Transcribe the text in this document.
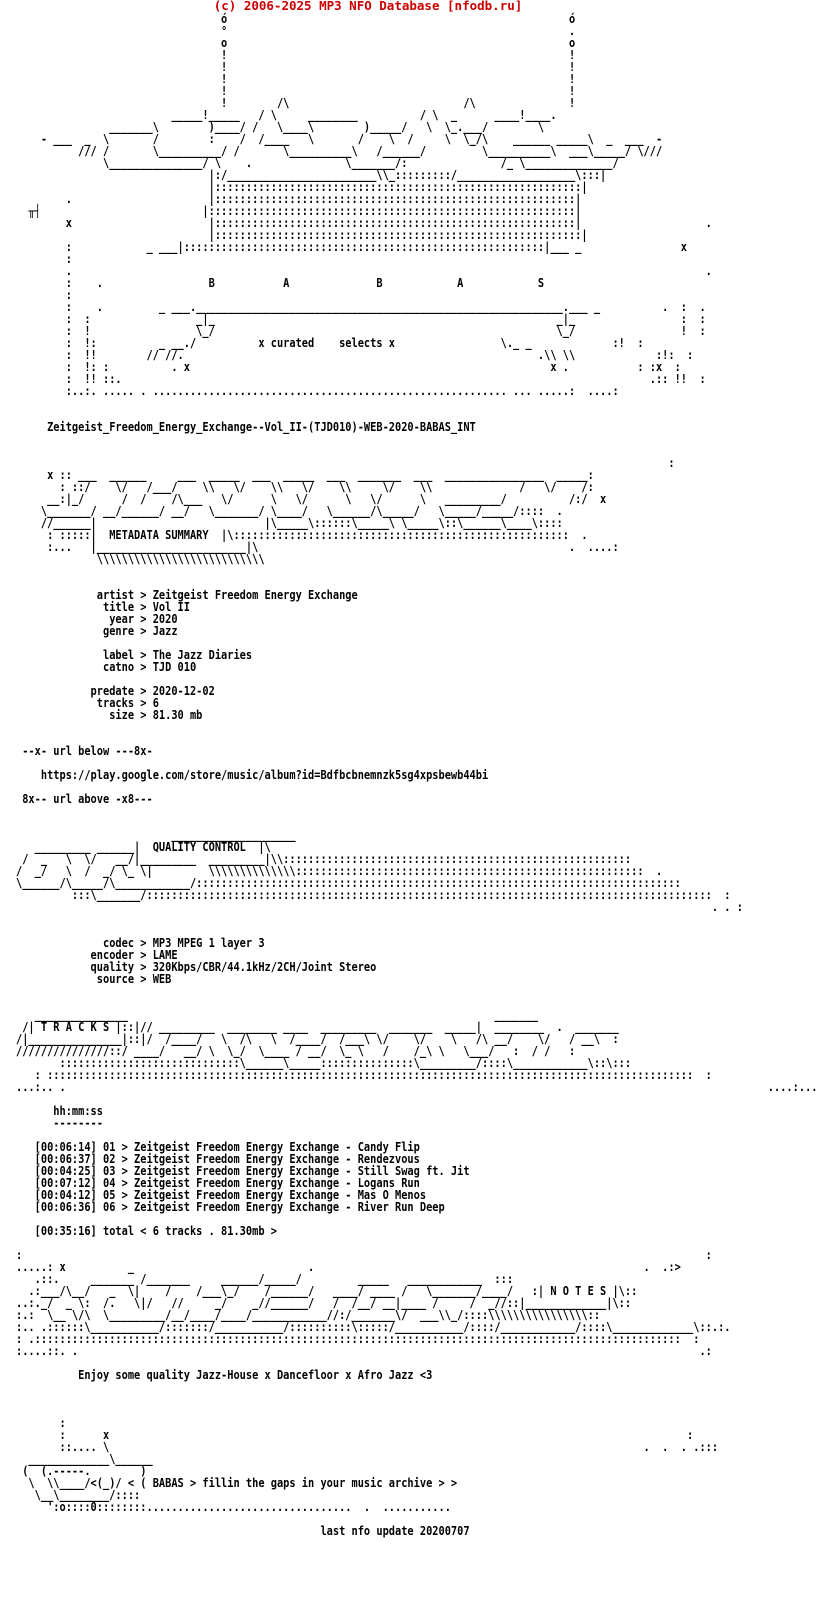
(c) 2006-2025 MP3 NFO Database [nfodb.ru]
ó                                                       ó
°                                                       .
o                                                       o
!                                                       !
!                                                       !
!                                                       !
!                                                       !
!        /\                            /\               !
_____!_____   / \     ________          / \  _      ____!____.
_______\        )____/ /   \____\        )_____/   \  \_.___/        \
- ___  _  \       /        :    /  /____   \       /    \  /     \  \_/\    ______ _____\  _  ___  -
/// /       \__________/ /       \__________\   /______/         \__________\  ___\_____/ \///
\_______________/ \    .               \_______/:               /_ \______________/
|:/________________________\\_:::::::::/___________________\:::|
|:::::::::::::::::::::::::::::::::::::::::::::::::::::::::::|
.                      |::::::::::::::::::::::::::::::::::::::::::::::::::::::::::|
╥┤                          |:::::::::::::::::::::::::::::::::::::::::::::::::::::::::::|
x                      |::::::::::::::::::::::::::::::::::::::::::::::::::::::::::|                    .
|:::::::::::::::::::::::::::::::::::::::::::::::::::::::::::|
:            _ ___|::::::::::::::::::::::::::::::::::::::::::::::::::::::::::|___ _                x
:
.                                                                                                      .
:    .                 B           A              B            A            S
:
:    .         _ ___.___________________________________________________________.___ _          .  :  .
:  :                 _|_                                                       _|_                 :  :
:  !                 \_/                                                       \_/                 !  :
:  !:          _ __./          x curated    selects x                 \._ _             :!  :
:  !!        // //.                                                         .\\ \\             :!:  :
:  !: :          . x                                                          x .           : :x  :
:  !! ::.                                                                                     .:: !!  :
:..:. ..... . ......................................................... ... .....:  ....:

Zeitgeist_Freedom_Energy_Exchange--Vol_II-(TJD010)-WEB-2020-BABAS_INT

:
x :: ___  ______     ___  _____  ___  _____  ___  _______  ___  ________________  _____:
: ::/    \/   /___/    \\   \/    \\   \/    \\     \/    \\              /   \/    /:
__:|_/      /  /    /\___   \/      \   \/      \   \/      \   _________/          /:/  x
\_______/ __/______/ __/   \_______/ \____/   \______/\_____/   \_____/_____/::::  .
//______|                           |\_____\::::::\_____\ \_____\::\______\____\::::
: :::::|  METADATA SUMMARY  |\::::::::::::::::::::::::::::::::::::::::::::::::::::::  .
:...   |________________________|\                                                  .  ....:
\\\\\\\\\\\\\\\\\\\\\\\\\\\

artist > Zeitgeist Freedom Energy Exchange
title > Vol II
year > 2020
genre > Jazz

label > The Jazz Diaries
catno > TJD 010

predate > 2020-12-02
tracks > 6
size > 81.30 mb

--x- url below ---8x-

https://play.google.com/store/music/album?id=Bdfbcbnemnzk5sg4xpsbewb44bi

8x-- url above -x8---

____________________
_________ ______|  QUALITY CONTROL  |\
/  _   \  \/   __/|_________  _________|\\::::::::::::::::::::::::::::::::::::::::::::::::::::::::
/  _/   \  /  _/ \_ \|         \\\\\\\\\\\\\\::::::::::::::::::::::::::::::::::::::::::::::::::::::::  .
\______/\_____/\____________/::::::::::::::::::::::::::::::::::::::::::::::::::::::::::::::::::::::::::::::
:::\_______/:::::::::::::::::::::::::::::::::::::::::::::::::::::::::::::::::::::::::::::::::::::::::::  :
. . :

codec > MP3 MPEG 1 layer 3
encoder > LAME
quality > 320Kbps/CBR/44.1kHz/2CH/Joint Stereo
source > WEB

_______________                                                           _______
/| T R A C K S |::|// _________  ________ ____  _________  _______  _____|  ________  .  _______
/|_______________|::|/  /____/   \  /\   \  /____/  /___\ \/    \/    \   /\ __/    \/   / __\  :
///////////////::/ ____/   __/ \  \_/  \____ / __/  \_ \   /    /_\ \   \___/   :  / /   :
:::::::::::::::::::::::::::::\______\_____:::::::::::::::\_________/::::\____________\::\:::
: ::::::::::::::::::::::::::::::::::::::::::::::::::::::::::::::::::::::::::::::::::::::::::::::::::::::::  :
...:.. .                                                                                                                 ....:...

hh:mm:ss
--------

[00:06:14] 01 > Zeitgeist Freedom Energy Exchange - Candy Flip
[00:06:37] 02 > Zeitgeist Freedom Energy Exchange - Rendezvous
[00:04:25] 03 > Zeitgeist Freedom Energy Exchange - Still Swag ft. Jit
[00:07:12] 04 > Zeitgeist Freedom Energy Exchange - Logans Run
[00:04:12] 05 > Zeitgeist Freedom Energy Exchange - Mas O Menos
[00:06:36] 06 > Zeitgeist Freedom Energy Exchange - River Run Deep

[00:35:16] total < 6 tracks . 81.30mb >

:                                                                                                              :
.....: x          _                            .                                                     .  .:>
.::.     _______ /_______     ______/_____/         _____   ____________  :::
.:___/\__/   _  \|    /    /___\_/    /______/   ____/ ____ /   \_______/____/   :| N O T E S |\::
..:._/  _ \:  /.   \|/   //     _/    _//______/   /  /__/ __|____ /     /  _//::|_____________|\::
:.:  \__ \/\  \_________/__/____/____/____________//:/_______\/  ___\\_/::::\\\\\\\\\\\\\\\\::
:.. .::::::\___________/:::::::/___________/::::::::::\:::::/___________/::::/____________/::::\_____________\::.:.
: .::::::::::::::::::::::::::::::::::::::::::::::::::::::::::::::::::::::::::::::::::::::::::::::::::::::::  :
:....::. .                                                                                                    .:

Enjoy some quality Jazz-House x Dancefloor x Afro Jazz <3

:
:      x                                                                                             :
::.... \                                                                                      .  .  . .:::
_____________\______
(  (.-----.        )
\  \\____/<(_)/ < ( BABAS > fillin the gaps in your music archive > >
\__\________/::::
':o::::0::::::::.................................  .  ...........

last nfo update 20200707
